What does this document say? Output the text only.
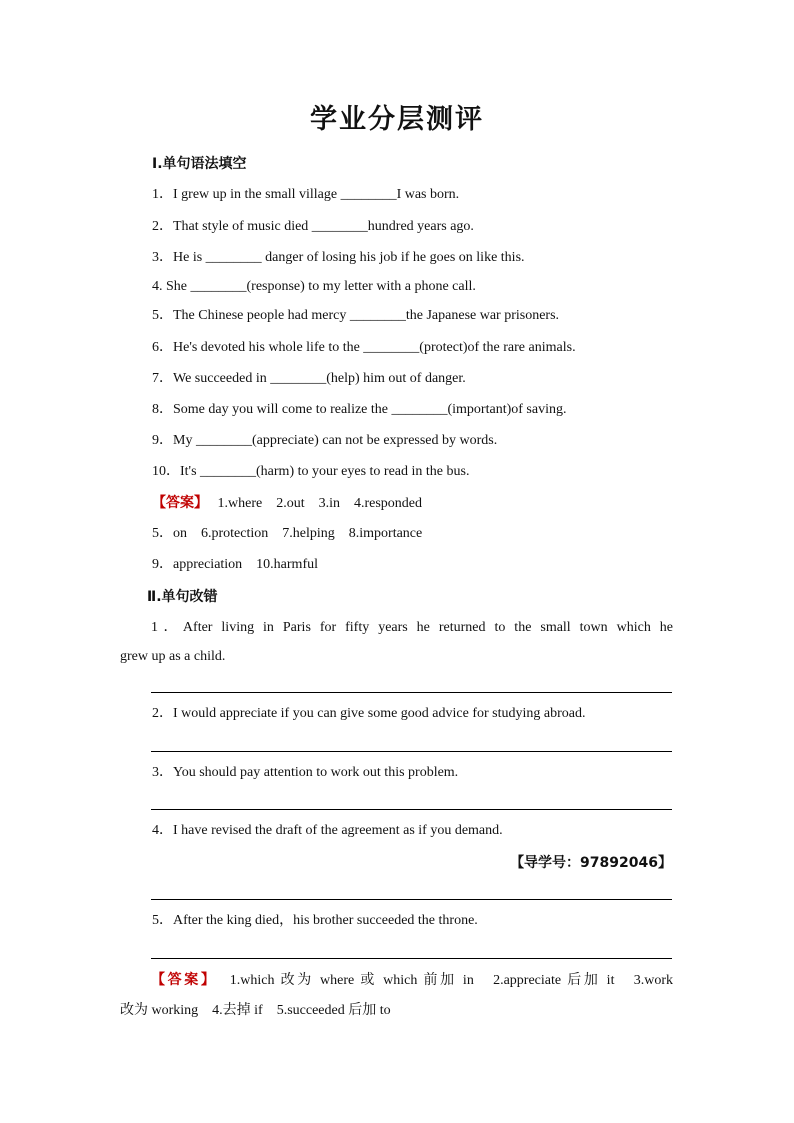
学业分层测评
Ⅰ.单句语法填空
1．I grew up in the small village ________I was born.
2．That style of music died ________hundred years ago.
3．He is ________ danger of losing his job if he goes on like this.
4. She ________(response) to my letter with a phone call.
5．The Chinese people had mercy ________the Japanese war prisoners.
6．He's devoted his whole life to the ________(protect)of the rare animals.
7．We succeeded in ________(help) him out of danger.
8．Some day you will come to realize the ________(important)of saving.
9．My ________(appreciate) can not be expressed by words.
10．It's ________(harm) to your eyes to read in the bus.
【答案】 1.where　2.out　3.in　4.responded
5．on　6.protection　7.helping　8.importance
9．appreciation　10.harmful
Ⅱ.单句改错
1．After living in Paris for fifty years he returned to the small town which he
grew up as a child.
2．I would appreciate if you can give some good advice for studying abroad.
3．You should pay attention to work out this problem.
4．I have revised the draft of the agreement as if you demand.
【导学号：97892046】
5．After the king died，his brother succeeded the throne.
【答案】 1.which 改为 where 或 which 前加 in　2.appreciate 后加 it　3.work
改为 working　4.去掉 if　5.succeeded 后加 to
